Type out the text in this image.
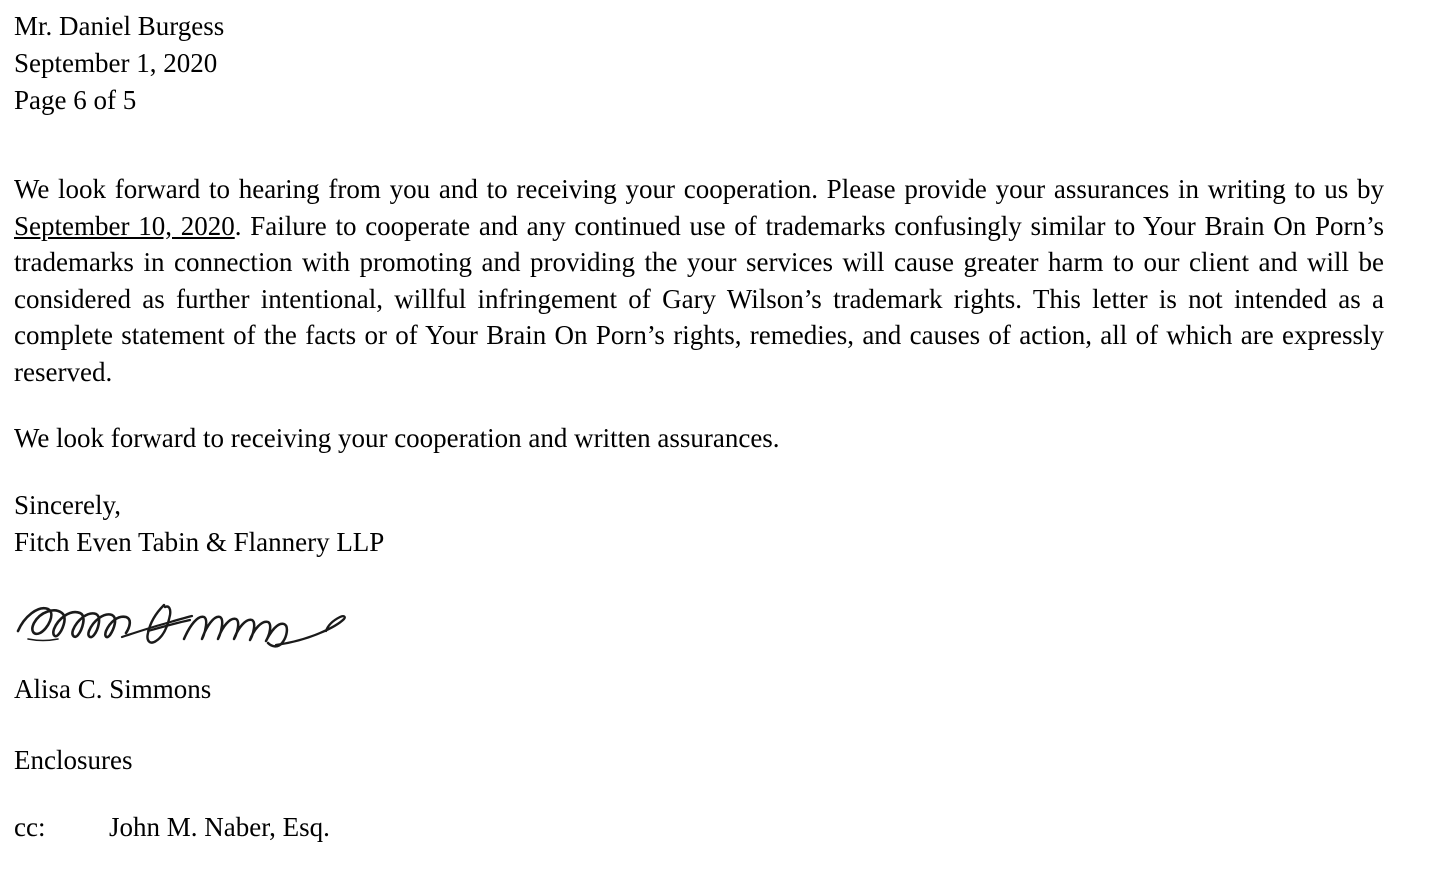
Mr. Daniel Burgess
September 1, 2020
Page 6 of 5

We look forward to hearing from you and to receiving your cooperation. Please provide your assurances in writing to us by September 10, 2020. Failure to cooperate and any continued use of trademarks confusingly similar to Your Brain On Porn’s trademarks in connection with promoting and providing the your services will cause greater harm to our client and will be considered as further intentional, willful infringement of Gary Wilson’s trademark rights. This letter is not intended as a complete statement of the facts or of Your Brain On Porn’s rights, remedies, and causes of action, all of which are expressly reserved.

We look forward to receiving your cooperation and written assurances.

Sincerely,

Fitch Even Tabin & Flannery LLP

Alisa C. Simmons

Enclosures

cc: John M. Naber, Esq.
